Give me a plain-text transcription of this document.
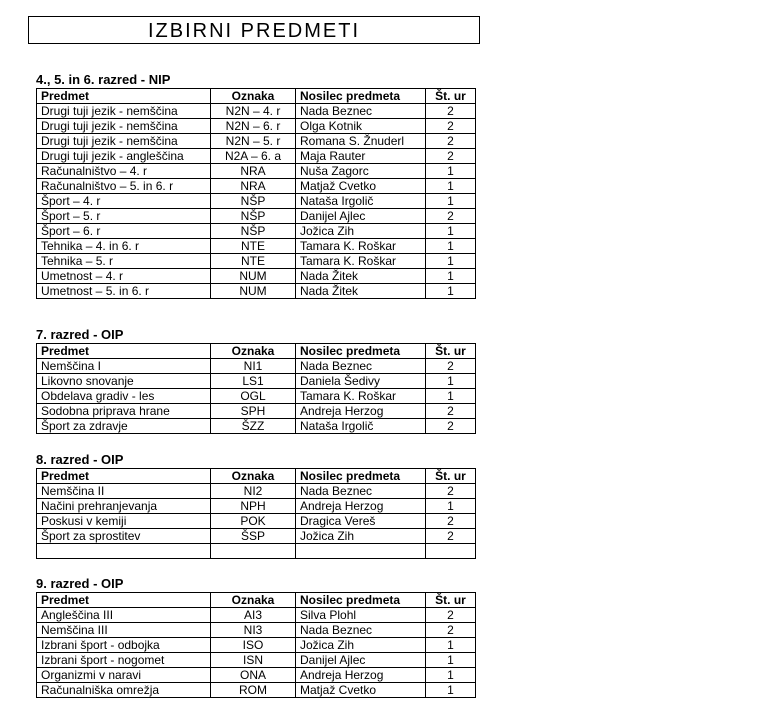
IZBIRNI PREDMETI
4., 5. in 6. razred - NIP
Predmet	Oznaka	Nosilec predmeta	Št. ur
Drugi tuji jezik - nemščina	N2N – 4. r	Nada Beznec	2
Drugi tuji jezik - nemščina	N2N – 6. r	Olga Kotnik	2
Drugi tuji jezik - nemščina	N2N – 5. r	Romana S. Žnuderl	2
Drugi tuji jezik - angleščina	N2A – 6. a	Maja Rauter	2
Računalništvo – 4. r	NRA	Nuša Zagorc	1
Računalništvo – 5. in 6. r	NRA	Matjaž Cvetko	1
Šport – 4. r	NŠP	Nataša Irgolič	1
Šport – 5. r	NŠP	Danijel Ajlec	2
Šport – 6. r	NŠP	Jožica Zih	1
Tehnika – 4. in 6. r	NTE	Tamara K. Roškar	1
Tehnika – 5. r	NTE	Tamara K. Roškar	1
Umetnost – 4. r	NUM	Nada Žitek	1
Umetnost – 5. in 6. r	NUM	Nada Žitek	1
7. razred - OIP
Predmet	Oznaka	Nosilec predmeta	Št. ur
Nemščina I	NI1	Nada Beznec	2
Likovno snovanje	LS1	Daniela Šedivy	1
Obdelava gradiv - les	OGL	Tamara K. Roškar	1
Sodobna priprava hrane	SPH	Andreja Herzog	2
Šport za zdravje	ŠZZ	Nataša Irgolič	2
8. razred - OIP
Predmet	Oznaka	Nosilec predmeta	Št. ur
Nemščina II	NI2	Nada Beznec	2
Načini prehranjevanja	NPH	Andreja Herzog	1
Poskusi v kemiji	POK	Dragica Vereš	2
Šport za sprostitev	ŠSP	Jožica Zih	2

9. razred - OIP
Predmet	Oznaka	Nosilec predmeta	Št. ur
Angleščina III	AI3	Silva Plohl	2
Nemščina III	NI3	Nada Beznec	2
Izbrani šport - odbojka	ISO	Jožica Zih	1
Izbrani šport - nogomet	ISN	Danijel Ajlec	1
Organizmi v naravi	ONA	Andreja Herzog	1
Računalniška omrežja	ROM	Matjaž Cvetko	1
